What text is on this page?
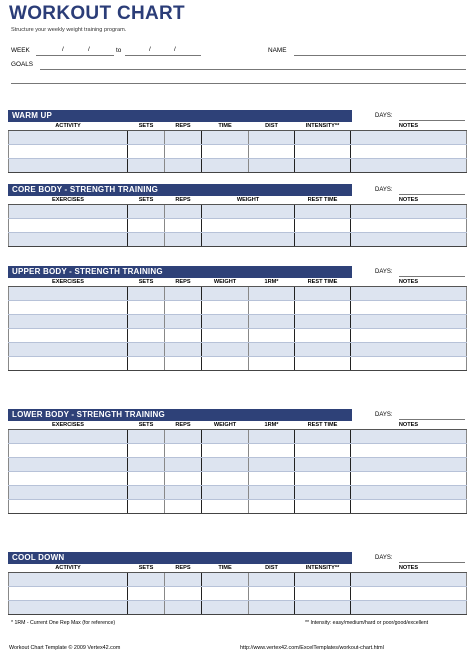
WORKOUT CHART
Structure your weekly weight training program.
WEEK	/	/	to	/	/	NAME
GOALS
WARM UP	DAYS:
ACTIVITY	SETS	REPS	TIME	DIST	INTENSITY**	NOTES

CORE BODY - STRENGTH TRAINING	DAYS:
EXERCISES	SETS	REPS	WEIGHT	REST TIME	NOTES

UPPER BODY - STRENGTH TRAINING	DAYS:
EXERCISES	SETS	REPS	WEIGHT	1RM*	REST TIME	NOTES

LOWER BODY - STRENGTH TRAINING	DAYS:
EXERCISES	SETS	REPS	WEIGHT	1RM*	REST TIME	NOTES

COOL DOWN	DAYS:
ACTIVITY	SETS	REPS	TIME	DIST	INTENSITY**	NOTES

* 1RM - Current One Rep Max (for reference)	** Intensity: easy/medium/hard or poor/good/excellent
Workout Chart Template © 2009 Vertex42.com	http://www.vertex42.com/ExcelTemplates/workout-chart.html
